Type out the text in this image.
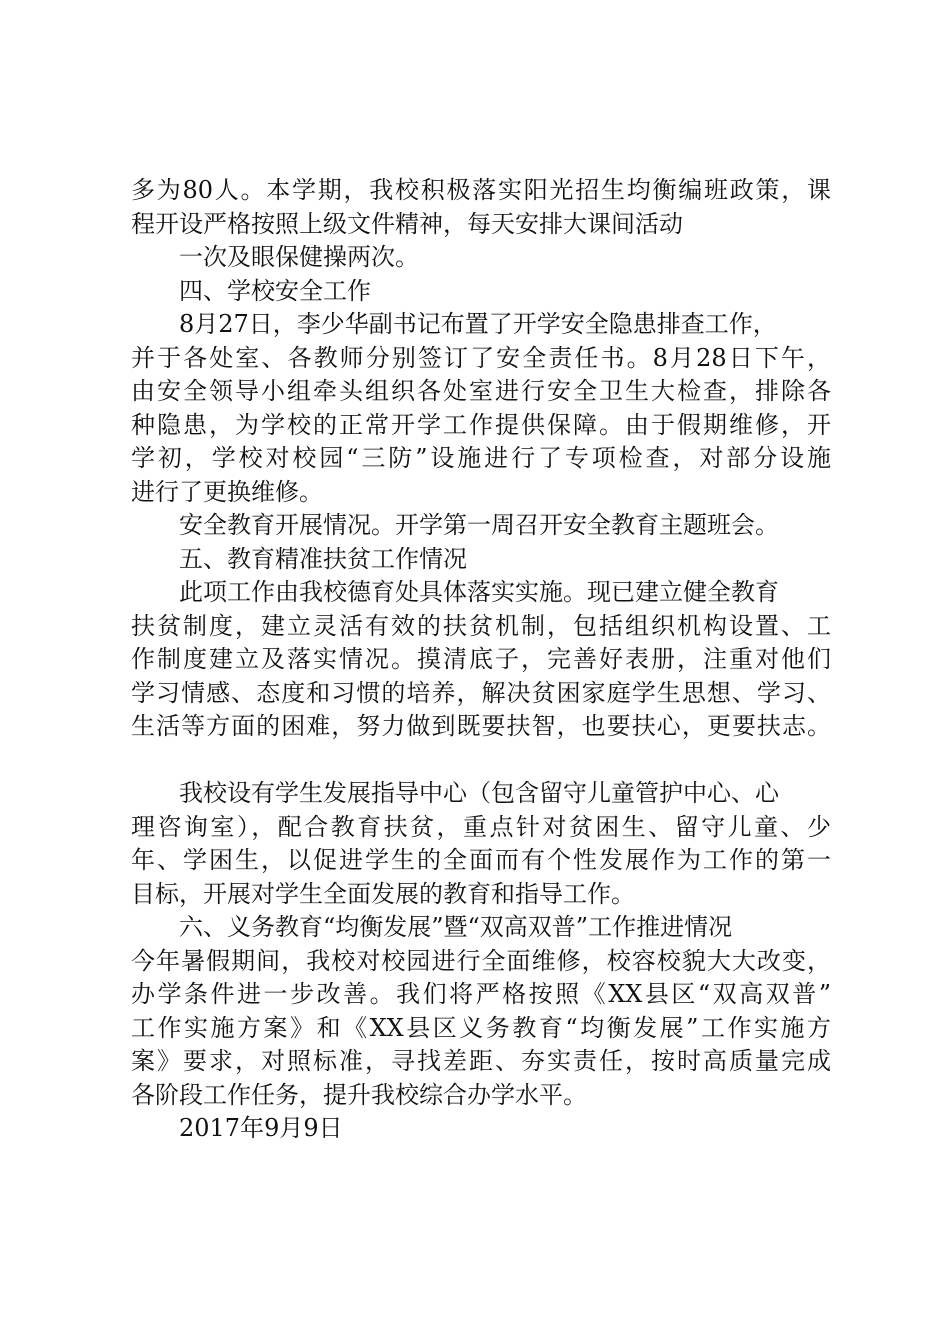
多为80人。本学期，我校积极落实阳光招生均衡编班政策，课
程开设严格按照上级文件精神，每天安排大课间活动
一次及眼保健操两次。
四、学校安全工作
8月27日，李少华副书记布置了开学安全隐患排查工作，
并于各处室、各教师分别签订了安全责任书。8月28日下午，
由安全领导小组牵头组织各处室进行安全卫生大检查，排除各
种隐患，为学校的正常开学工作提供保障。由于假期维修，开
学初，学校对校园“三防”设施进行了专项检查，对部分设施
进行了更换维修。
安全教育开展情况。开学第一周召开安全教育主题班会。
五、教育精准扶贫工作情况
此项工作由我校德育处具体落实实施。现已建立健全教育
扶贫制度，建立灵活有效的扶贫机制，包括组织机构设置、工
作制度建立及落实情况。摸清底子，完善好表册，注重对他们
学习情感、态度和习惯的培养，解决贫困家庭学生思想、学习、
生活等方面的困难，努力做到既要扶智，也要扶心，更要扶志。
我校设有学生发展指导中心（包含留守儿童管护中心、心
理咨询室），配合教育扶贫，重点针对贫困生、留守儿童、少
年、学困生，以促进学生的全面而有个性发展作为工作的第一
目标，开展对学生全面发展的教育和指导工作。
六、义务教育“均衡发展”暨“双高双普”工作推进情况
今年暑假期间，我校对校园进行全面维修，校容校貌大大改变，
办学条件进一步改善。我们将严格按照《XX县区“双高双普”
工作实施方案》和《XX县区义务教育“均衡发展”工作实施方
案》要求，对照标准，寻找差距、夯实责任，按时高质量完成
各阶段工作任务，提升我校综合办学水平。
2017年9月9日
